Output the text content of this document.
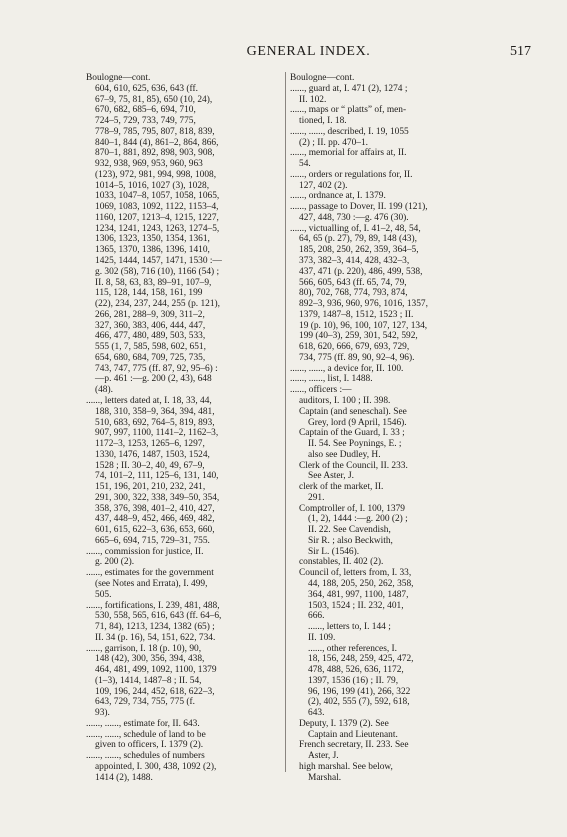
GENERAL INDEX.	517
Boulogne—cont.
604, 610, 625, 636, 643 (ff.
67–9, 75, 81, 85), 650 (10, 24),
670, 682, 685–6, 694, 710,
724–5, 729, 733, 749, 775,
778–9, 785, 795, 807, 818, 839,
840–1, 844 (4), 861–2, 864, 866,
870–1, 881, 892, 898, 903, 908,
932, 938, 969, 953, 960, 963
(123), 972, 981, 994, 998, 1008,
1014–5, 1016, 1027 (3), 1028,
1033, 1047–8, 1057, 1058, 1065,
1069, 1083, 1092, 1122, 1153–4,
1160, 1207, 1213–4, 1215, 1227,
1234, 1241, 1243, 1263, 1274–5,
1306, 1323, 1350, 1354, 1361,
1365, 1370, 1386, 1396, 1410,
1425, 1444, 1457, 1471, 1530 :—
g. 302 (58), 716 (10), 1166 (54) ;
II. 8, 58, 63, 83, 89–91, 107–9,
115, 128, 144, 158, 161, 199
(22), 234, 237, 244, 255 (p. 121),
266, 281, 288–9, 309, 311–2,
327, 360, 383, 406, 444, 447,
466, 477, 480, 489, 503, 533,
555 (1, 7, 585, 598, 602, 651,
654, 680, 684, 709, 725, 735,
743, 747, 775 (ff. 87, 92, 95–6) :
—p. 461 :—g. 200 (2, 43), 648
(48).
......, letters dated at, I. 18, 33, 44,
188, 310, 358–9, 364, 394, 481,
510, 683, 692, 764–5, 819, 893,
907, 997, 1100, 1141–2, 1162–3,
1172–3, 1253, 1265–6, 1297,
1330, 1476, 1487, 1503, 1524,
1528 ; II. 30–2, 40, 49, 67–9,
74, 101–2, 111, 125–6, 131, 140,
151, 196, 201, 210, 232, 241,
291, 300, 322, 338, 349–50, 354,
358, 376, 398, 401–2, 410, 427,
437, 448–9, 452, 466, 469, 482,
601, 615, 622–3, 636, 653, 660,
665–6, 694, 715, 729–31, 755.
......, commission for justice, II.
g. 200 (2).
......, estimates for the government
(see Notes and Errata), I. 499,
505.
......, fortifications, I. 239, 481, 488,
530, 558, 565, 616, 643 (ff. 64–6,
71, 84), 1213, 1234, 1382 (65) ;
II. 34 (p. 16), 54, 151, 622, 734.
......, garrison, I. 18 (p. 10), 90,
148 (42), 300, 356, 394, 438,
464, 481, 499, 1092, 1100, 1379
(1–3), 1414, 1487–8 ; II. 54,
109, 196, 244, 452, 618, 622–3,
643, 729, 734, 755, 775 (f.
93).
......, ......, estimate for, II. 643.
......, ......, schedule of land to be
given to officers, I. 1379 (2).
......, ......, schedules of numbers
appointed, I. 300, 438, 1092 (2),
1414 (2), 1488.
Boulogne—cont.
......, guard at, I. 471 (2), 1274 ;
II. 102.
......, maps or “ platts” of, men-
tioned, I. 18.
......, ......, described, I. 19, 1055
(2) ; II. pp. 470–1.
......, memorial for affairs at, II.
54.
......, orders or regulations for, II.
127, 402 (2).
......, ordnance at, I. 1379.
......, passage to Dover, II. 199 (121),
427, 448, 730 :—g. 476 (30).
......, victualling of, I. 41–2, 48, 54,
64, 65 (p. 27), 79, 89, 148 (43),
185, 208, 250, 262, 359, 364–5,
373, 382–3, 414, 428, 432–3,
437, 471 (p. 220), 486, 499, 538,
566, 605, 643 (ff. 65, 74, 79,
80), 702, 768, 774, 793, 874,
892–3, 936, 960, 976, 1016, 1357,
1379, 1487–8, 1512, 1523 ; II.
19 (p. 10), 96, 100, 107, 127, 134,
199 (40–3), 259, 301, 542, 592,
618, 620, 666, 679, 693, 729,
734, 775 (ff. 89, 90, 92–4, 96).
......, ......, a device for, II. 100.
......, ......, list, I. 1488.
......, officers :—
auditors, I. 100 ; II. 398.
Captain (and seneschal). See
Grey, lord (9 April, 1546).
Captain of the Guard, I. 33 ;
II. 54. See Poynings, E. ;
also see Dudley, H.
Clerk of the Council, II. 233.
See Aster, J.
clerk of the market, II.
291.
Comptroller of, I. 100, 1379
(1, 2), 1444 :—g. 200 (2) ;
II. 22. See Cavendish,
Sir R. ; also Beckwith,
Sir L. (1546).
constables, II. 402 (2).
Council of, letters from, I. 33,
44, 188, 205, 250, 262, 358,
364, 481, 997, 1100, 1487,
1503, 1524 ; II. 232, 401,
666.
......, letters to, I. 144 ;
II. 109.
......, other references, I.
18, 156, 248, 259, 425, 472,
478, 488, 526, 636, 1172,
1397, 1536 (16) ; II. 79,
96, 196, 199 (41), 266, 322
(2), 402, 555 (7), 592, 618,
643.
Deputy, I. 1379 (2). See
Captain and Lieutenant.
French secretary, II. 233. See
Aster, J.
high marshal. See below,
Marshal.
